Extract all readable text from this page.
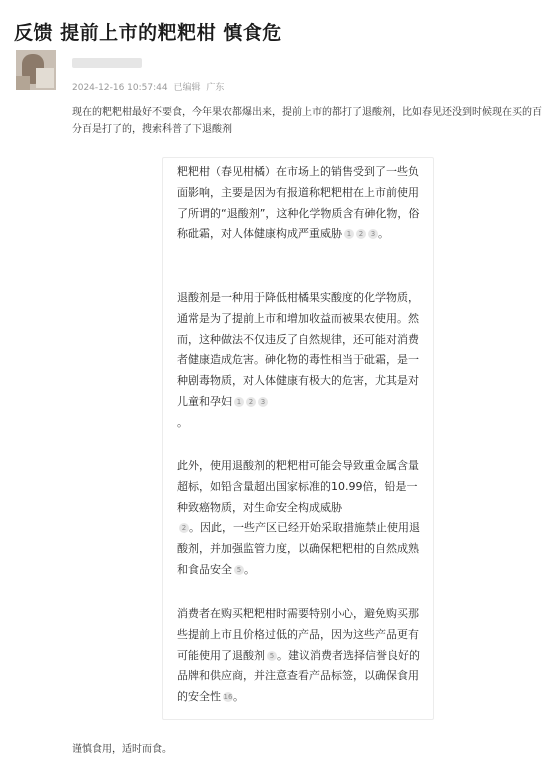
反馈 提前上市的粑粑柑 慎食危
2024-12-16 10:57:44 已编辑 广东
现在的粑粑柑最好不要食，今年果农都爆出来，提前上市的都打了退酸剂，比如春见还没到时候现在买的百分百是打了的，搜索科普了下退酸剂
粑粑柑（春见柑橘）在市场上的销售受到了一些负面影响，主要是因为有报道称粑粑柑在上市前使用了所谓的“退酸剂”，这种化学物质含有砷化物，俗称砒霜，对人体健康构成严重威胁 1 2 3 。
退酸剂是一种用于降低柑橘果实酸度的化学物质，通常是为了提前上市和增加收益而被果农使用。然而，这种做法不仅违反了自然规律，还可能对消费者健康造成危害。砷化物的毒性相当于砒霜，是一种剧毒物质，对人体健康有极大的危害，尤其是对儿童和孕妇 1 2 3
。
此外，使用退酸剂的粑粑柑可能会导致重金属含量超标，如铅含量超出国家标准的10.99倍，铅是一种致癌物质，对生命安全构成威胁
2 。因此，一些产区已经开始采取措施禁止使用退酸剂，并加强监管力度，以确保粑粑柑的自然成熟和食品安全 5 。
消费者在购买粑粑柑时需要特别小心，避免购买那些提前上市且价格过低的产品，因为这些产品更有可能使用了退酸剂 5 。建议消费者选择信誉良好的品牌和供应商，并注意查看产品标签，以确保食用的安全性 16。
谨慎食用，适时而食。
